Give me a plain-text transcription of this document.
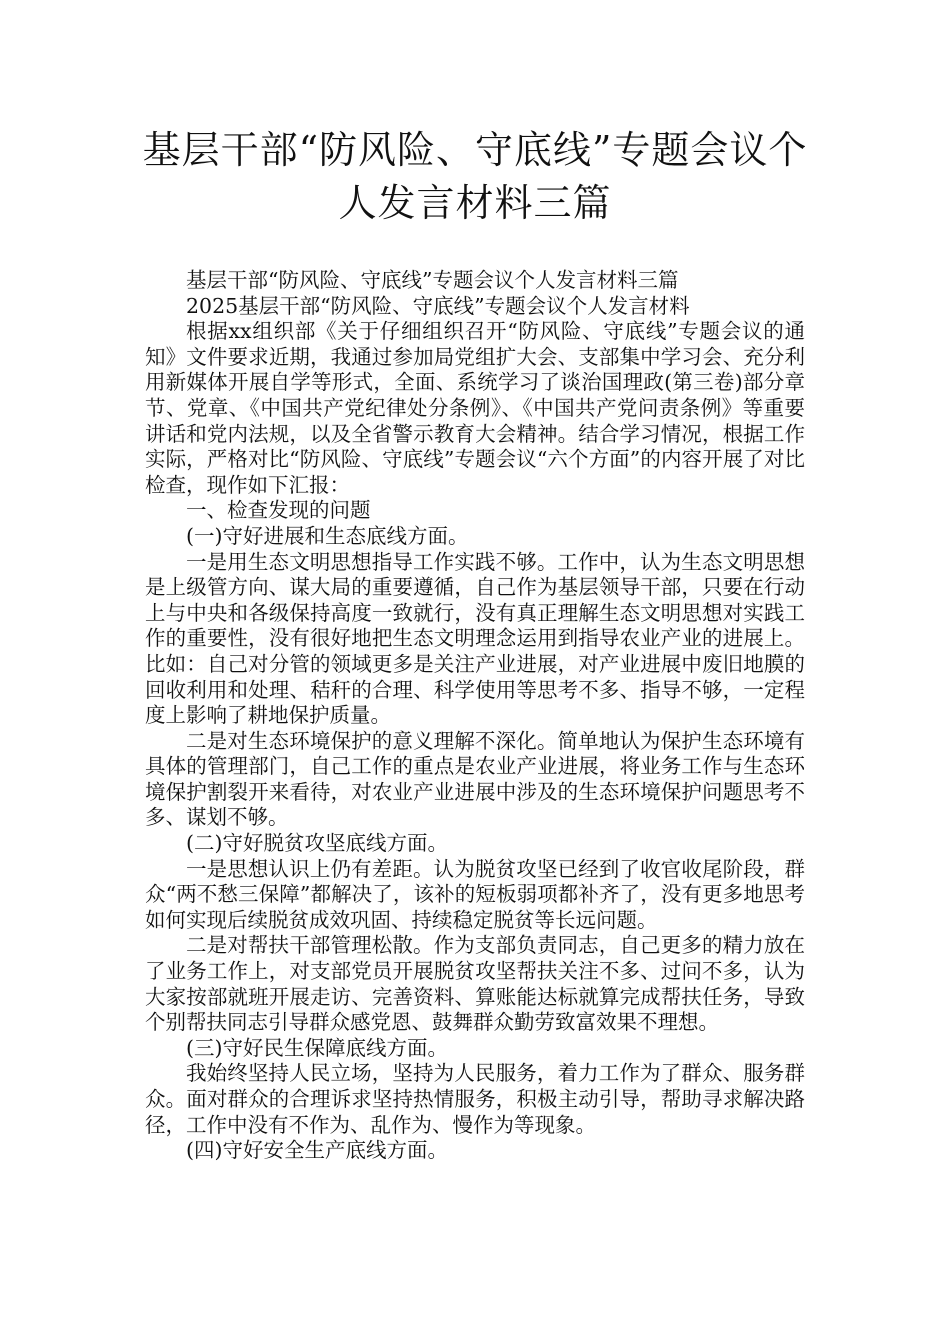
基层干部“防风险、守底线”专题会议个
人发言材料三篇

基层干部“防风险、守底线”专题会议个人发言材料三篇

2025基层干部“防风险、守底线”专题会议个人发言材料

根据xx组织部《关于仔细组织召开“防风险、守底线”专题会议的通知》文件要求近期，我通过参加局党组扩大会、支部集中学习会、充分利用新媒体开展自学等形式，全面、系统学习了谈治国理政(第三卷)部分章节、党章、《中国共产党纪律处分条例》、《中国共产党问责条例》等重要讲话和党内法规，以及全省警示教育大会精神。结合学习情况，根据工作实际，严格对比“防风险、守底线”专题会议“六个方面”的内容开展了对比检查，现作如下汇报：

一、检查发现的问题

(一)守好进展和生态底线方面。

一是用生态文明思想指导工作实践不够。工作中，认为生态文明思想是上级管方向、谋大局的重要遵循，自己作为基层领导干部，只要在行动上与中央和各级保持高度一致就行，没有真正理解生态文明思想对实践工作的重要性，没有很好地把生态文明理念运用到指导农业产业的进展上。比如：自己对分管的领域更多是关注产业进展，对产业进展中废旧地膜的回收利用和处理、秸秆的合理、科学使用等思考不多、指导不够，一定程度上影响了耕地保护质量。

二是对生态环境保护的意义理解不深化。简单地认为保护生态环境有具体的管理部门，自己工作的重点是农业产业进展，将业务工作与生态环境保护割裂开来看待，对农业产业进展中涉及的生态环境保护问题思考不多、谋划不够。

(二)守好脱贫攻坚底线方面。

一是思想认识上仍有差距。认为脱贫攻坚已经到了收官收尾阶段，群众“两不愁三保障”都解决了，该补的短板弱项都补齐了，没有更多地思考如何实现后续脱贫成效巩固、持续稳定脱贫等长远问题。

二是对帮扶干部管理松散。作为支部负责同志，自己更多的精力放在了业务工作上，对支部党员开展脱贫攻坚帮扶关注不多、过问不多，认为大家按部就班开展走访、完善资料、算账能达标就算完成帮扶任务，导致个别帮扶同志引导群众感党恩、鼓舞群众勤劳致富效果不理想。

(三)守好民生保障底线方面。

我始终坚持人民立场，坚持为人民服务，着力工作为了群众、服务群众。面对群众的合理诉求坚持热情服务，积极主动引导，帮助寻求解决路径，工作中没有不作为、乱作为、慢作为等现象。

(四)守好安全生产底线方面。
